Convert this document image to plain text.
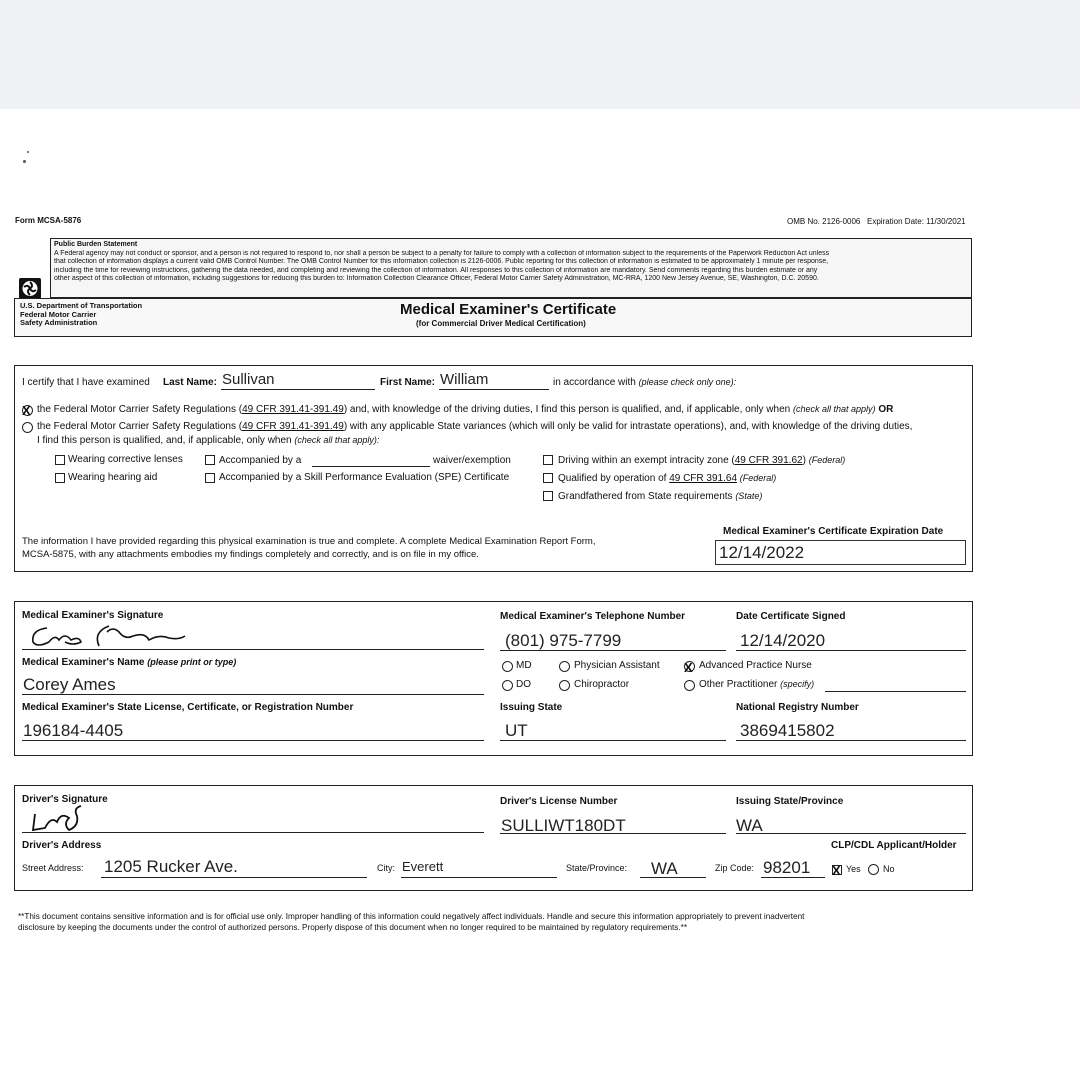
Form MCSA-5876	OMB No. 2126-0006 Expiration Date: 11/30/2021
Public Burden Statement
A Federal agency may not conduct or sponsor, and a person is not required to respond to, nor shall a person be subject to a penalty for failure to comply with a collection of information subject to the requirements of the Paperwork Reduction Act unless
that collection of information displays a current valid OMB Control Number. The OMB Control Number for this information collection is 2126-0006. Public reporting for this collection of information is estimated to be approximately 1 minute per response,
including the time for reviewing instructions, gathering the data needed, and completing and reviewing the collection of information. All responses to this collection of information are mandatory. Send comments regarding this burden estimate or any
other aspect of this collection of information, including suggestions for reducing this burden to: Information Collection Clearance Officer, Federal Motor Carrier Safety Administration, MC-RRA, 1200 New Jersey Avenue, SE, Washington, D.C. 20590.
U.S. Department of Transportation
Federal Motor Carrier
Safety Administration
Medical Examiner's Certificate
(for Commercial Driver Medical Certification)
I certify that I have examined Last Name: Sullivan	First Name: William	in accordance with (please check only one):
X the Federal Motor Carrier Safety Regulations (49 CFR 391.41-391.49) and, with knowledge of the driving duties, I find this person is qualified, and, if applicable, only when (check all that apply) OR
the Federal Motor Carrier Safety Regulations (49 CFR 391.41-391.49) with any applicable State variances (which will only be valid for intrastate operations), and, with knowledge of the driving duties,
I find this person is qualified, and, if applicable, only when (check all that apply):
Wearing corrective lenses
Wearing hearing aid
Accompanied by a	waiver/exemption
Accompanied by a Skill Performance Evaluation (SPE) Certificate
Driving within an exempt intracity zone (49 CFR 391.62) (Federal)
Qualified by operation of 49 CFR 391.64 (Federal)
Grandfathered from State requirements (State)
The information I have provided regarding this physical examination is true and complete. A complete Medical Examination Report Form,
MCSA-5875, with any attachments embodies my findings completely and correctly, and is on file in my office.
Medical Examiner's Certificate Expiration Date
12/14/2022
Medical Examiner's Signature	Medical Examiner's Telephone Number
(801) 975-7799
Date Certificate Signed
12/14/2020
Medical Examiner's Name (please print or type)
Corey Ames
MD
DO
Physician Assistant
Chiropractor
X Advanced Practice Nurse
Other Practitioner (specify)
Medical Examiner's State License, Certificate, or Registration Number
196184-4405
Issuing State
UT
National Registry Number
3869415802
Driver's Signature	Driver's License Number
SULLIWT180DT
Issuing State/Province
WA
Driver's Address	CLP/CDL Applicant/Holder
Street Address: 1205 Rucker Ave.	City: Everett	State/Province: WA	Zip Code: 98201 X Yes No
**This document contains sensitive information and is for official use only. Improper handling of this information could negatively affect individuals. Handle and secure this information appropriately to prevent inadvertent
disclosure by keeping the documents under the control of authorized persons. Properly dispose of this document when no longer required to be maintained by regulatory requirements.**
